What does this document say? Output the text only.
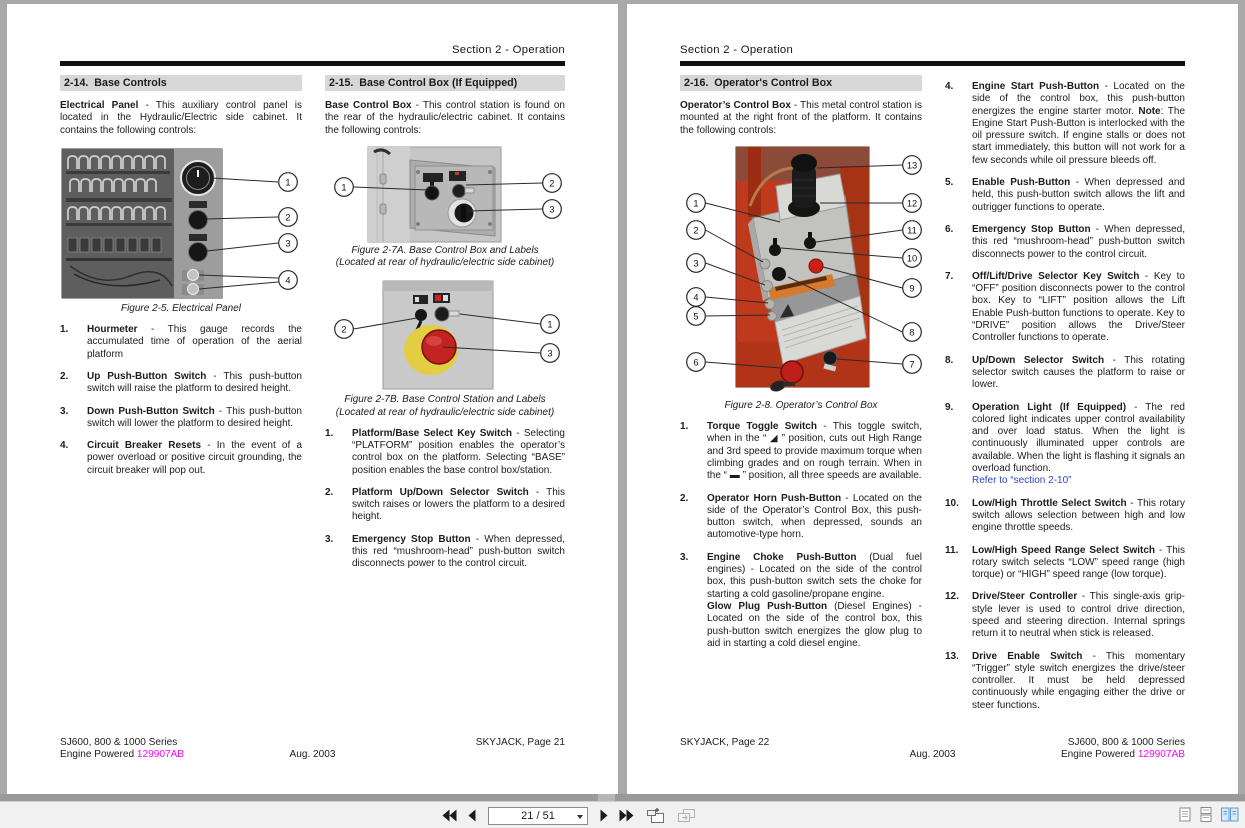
Section 2 - Operation
2-14.  Base Controls
Electrical Panel - This auxiliary control panel is located in the Hydraulic/Electric side cabinet. It contains the following controls:
1
2
3
4
Figure 2-5. Electrical Panel
1.	Hourmeter - This gauge records the accumulated time of operation of the aerial platform
2.	Up Push-Button Switch - This push-button switch will raise the platform to desired height.
3.	Down Push-Button Switch - This push-button switch will lower the platform to desired height.
4.	Circuit Breaker Resets - In the event of a power overload or positive circuit grounding, the circuit breaker will pop out.
2-15.  Base Control Box (If Equipped)
Base Control Box - This control station is found on the rear of the hydraulic/electric cabinet. It contains the following controls:
1	2
3
Figure 2-7A. Base Control Box and Labels
(Located at rear of hydraulic/electric side cabinet)
2	1
3
Figure 2-7B. Base Control Station and Labels
(Located at rear of hydraulic/electric side cabinet)
1.	Platform/Base Select Key Switch - Selecting “PLATFORM” position enables the operator’s control box on the platform. Selecting “BASE” position enables the base control box/station.
2.	Platform Up/Down Selector Switch - This switch raises or lowers the platform to a desired height.
3.	Emergency Stop Button - When depressed, this red “mushroom-head” push-button switch disconnects power to the control circuit.
SJ600, 800 & 1000 Series
Engine Powered 129907AB	Aug. 2003
SKYJACK, Page 21
Section 2 - Operation
2-16.  Operator's Control Box
Operator’s Control Box - This metal control station is mounted at the right front of the platform. It contains the following controls:
1
2
3
4
5
6
13
12
11
10
9
8
7
Figure 2-8. Operator’s Control Box
1.	Torque Toggle Switch - This toggle switch, when in the “ ◢ ” position, cuts out High Range and 3rd speed to provide maximum torque when climbing grades and on rough terrain. When in the “ ▬ ” position, all three speeds are available.
2.	Operator Horn Push-Button - Located on the side of the Operator’s Control Box, this push-button switch, when depressed, sounds an automotive-type horn.
3.	Engine Choke Push-Button (Dual fuel engines) - Located on the side of the control box, this push-button switch sets the choke for starting a cold gasoline/propane engine.
Glow Plug Push-Button (Diesel Engines) - Located on the side of the control box, this push-button switch energizes the glow plug to aid in starting a cold diesel engine.
4.	Engine Start Push-Button - Located on the side of the control box, this push-button energizes the engine starter motor. Note: The Engine Start Push-Button is interlocked with the oil pressure switch. If engine stalls or does not start immediately, this button will not work for a few seconds while oil pressure bleeds off.
5.	Enable Push-Button - When depressed and held, this push-button switch allows the lift and outrigger functions to operate.
6.	Emergency Stop Button - When depressed, this red “mushroom-head” push-button switch disconnects power to the control circuit.
7.	Off/Lift/Drive Selector Key Switch - Key to “OFF” position disconnects power to the control box. Key to “LIFT” position allows the Lift Enable Push-button functions to operate. Key to “DRIVE” position allows the Drive/Steer Controller functions to operate.
8.	Up/Down Selector Switch - This rotating selector switch causes the platform to raise or lower.
9.	Operation Light (If Equipped) - The red colored light indicates upper control availability and over load status. When the light is continuously illuminated upper controls are available. When the light is flashing it signals an overload function.
Refer to “section 2-10”
10.	Low/High Throttle Select Switch - This rotary switch allows selection between high and low engine throttle speeds.
11.	Low/High Speed Range Select Switch - This rotary switch selects “LOW” speed range (high torque) or “HIGH” speed range (low torque).
12.	Drive/Steer Controller - This single-axis grip-style lever is used to control drive direction, speed and steering direction. Internal springs return it to neutral when stick is released.
13.	Drive Enable Switch - This momentary “Trigger” style switch energizes the drive/steer controller. It must be held depressed continuously while engaging either the drive or steer functions.
SKYJACK, Page 22
Aug. 2003
SJ600, 800 & 1000 Series
Engine Powered 129907AB
21 / 51
